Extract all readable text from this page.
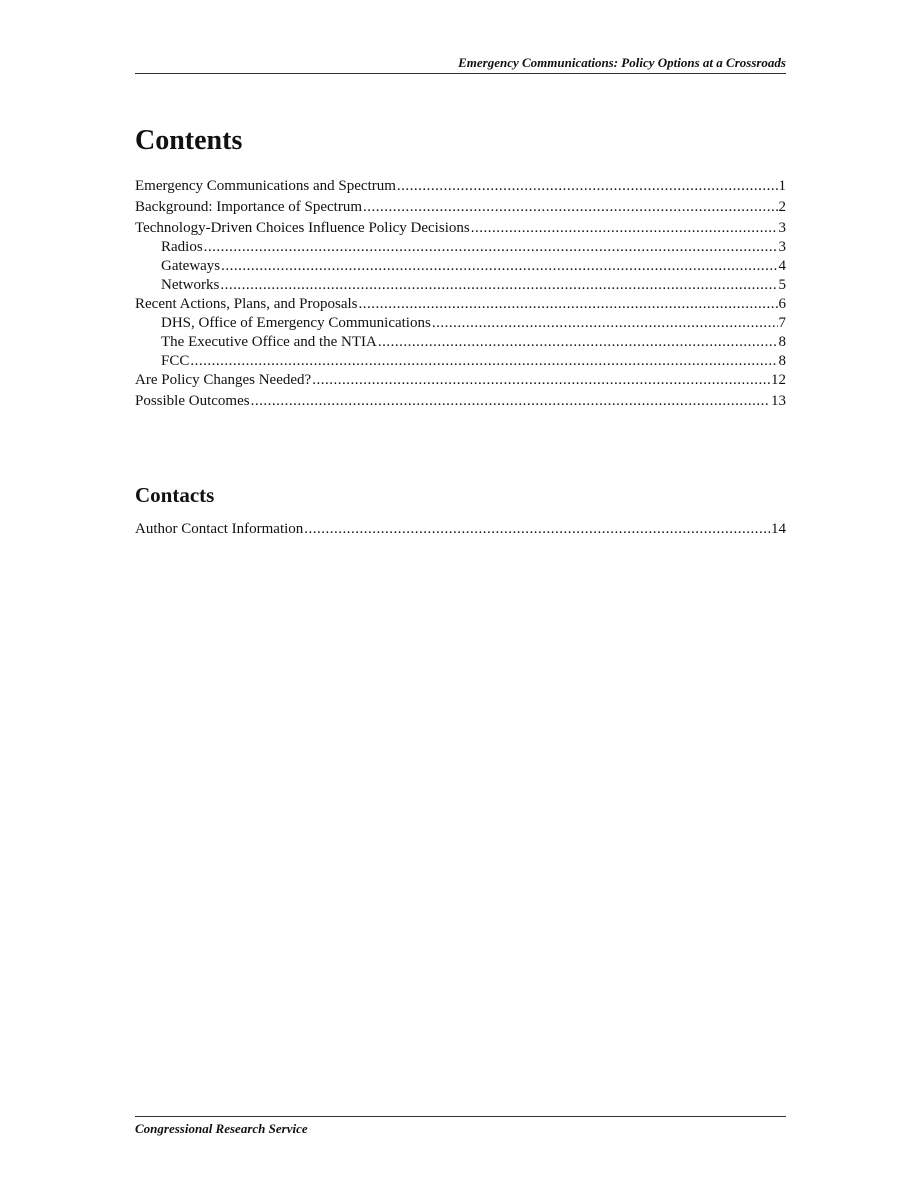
Emergency Communications: Policy Options at a Crossroads
Contents
Emergency Communications and Spectrum .....	1
Background: Importance of Spectrum .....	2
Technology-Driven Choices Influence Policy Decisions .....	3
Radios .....	3
Gateways .....	4
Networks .....	5
Recent Actions, Plans, and Proposals .....	6
DHS, Office of Emergency Communications .....	7
The Executive Office and the NTIA .....	8
FCC .....	8
Are Policy Changes Needed? .....	12
Possible Outcomes .....	13
Contacts
Author Contact Information .....	14
Congressional Research Service
